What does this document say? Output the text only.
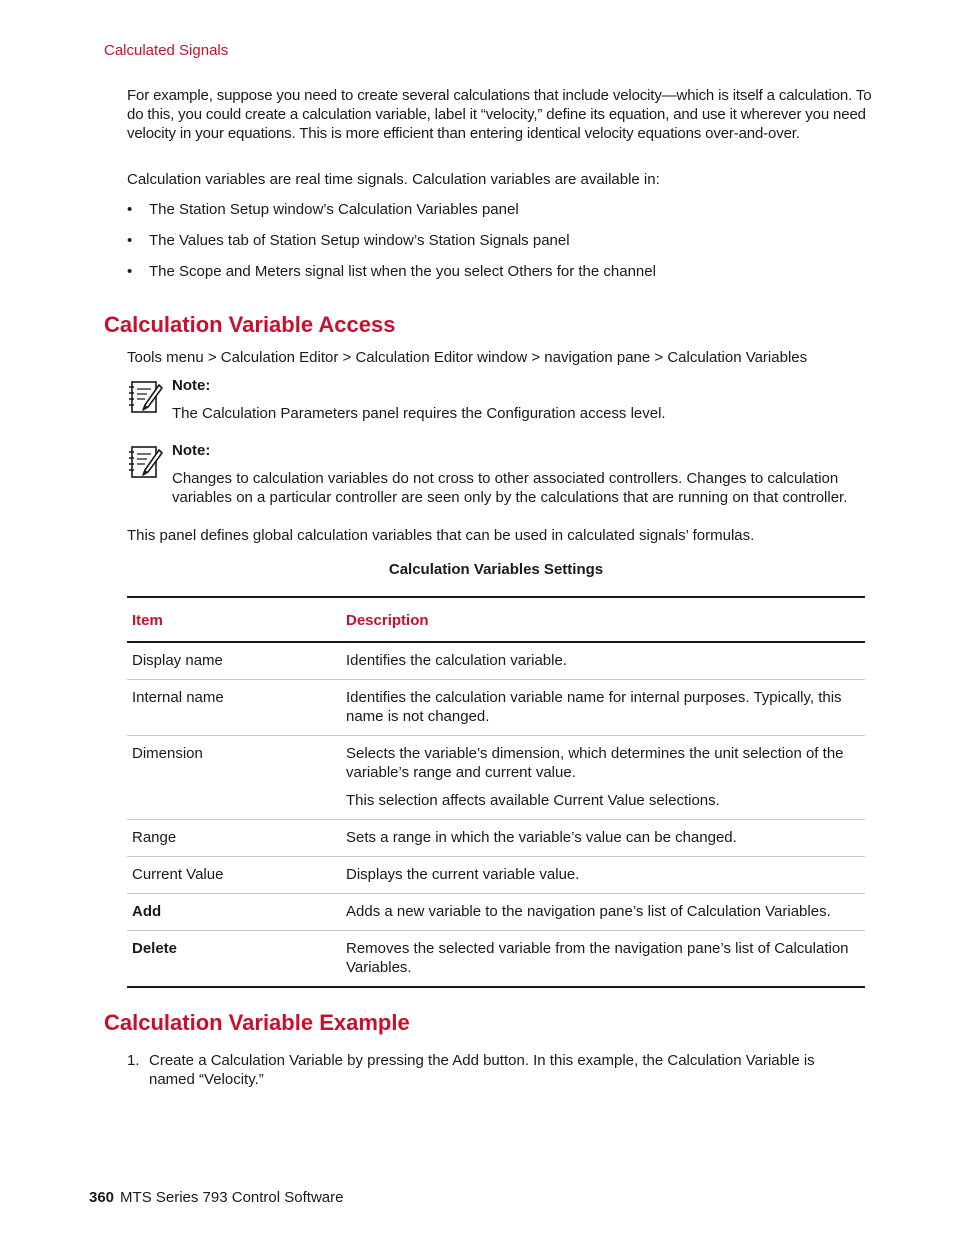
Calculated Signals
For example, suppose you need to create several calculations that include velocity—which is itself a calculation. To do this, you could create a calculation variable, label it “velocity,” define its equation, and use it wherever you need velocity in your equations. This is more efficient than entering identical velocity equations over-and-over.
Calculation variables are real time signals. Calculation variables are available in:
• The Station Setup window’s Calculation Variables panel
• The Values tab of Station Setup window’s Station Signals panel
• The Scope and Meters signal list when the you select Others for the channel
Calculation Variable Access
Tools menu > Calculation Editor > Calculation Editor window > navigation pane > Calculation Variables
Note:
The Calculation Parameters panel requires the Configuration access level.
Note:
Changes to calculation variables do not cross to other associated controllers. Changes to calculation variables on a particular controller are seen only by the calculations that are running on that controller.
This panel defines global calculation variables that can be used in calculated signals’ formulas.
Calculation Variables Settings
Item	Description
Display name	Identifies the calculation variable.

Internal name	Identifies the calculation variable name for internal purposes. Typically, this name is not changed.

Dimension	Selects the variable’s dimension, which determines the unit selection of the variable’s range and current value.

This selection affects available Current Value selections.

Range	Sets a range in which the variable’s value can be changed.

Current Value	Displays the current variable value.

Add	Adds a new variable to the navigation pane’s list of Calculation Variables.

Delete	Removes the selected variable from the navigation pane’s list of Calculation Variables.

Calculation Variable Example
1. Create a Calculation Variable by pressing the Add button. In this example, the Calculation Variable is named “Velocity.”
360 MTS Series 793 Control Software
